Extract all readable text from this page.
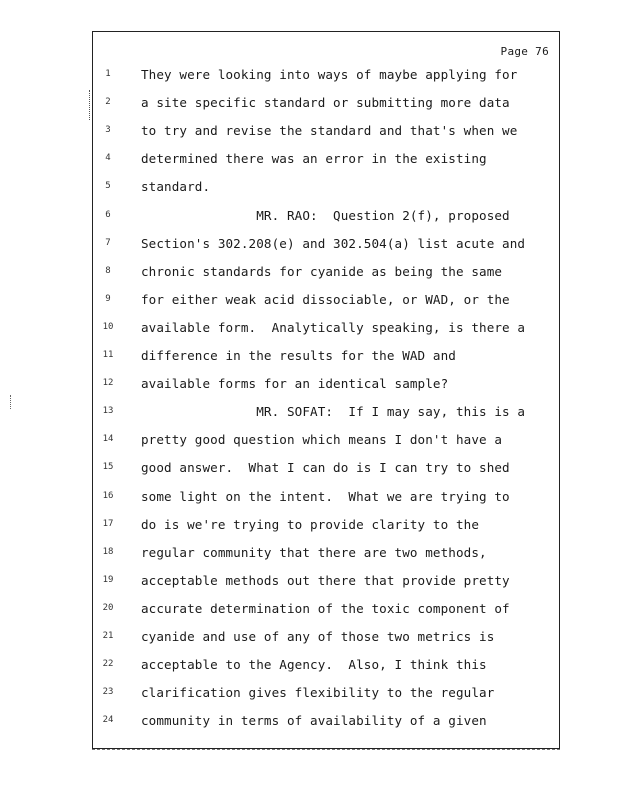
Page 76
1	They were looking into ways of maybe applying for
2	a site specific standard or submitting more data
3	to try and revise the standard and that's when we
4	determined there was an error in the existing
5	standard.
6	MR. RAO:  Question 2(f), proposed
7	Section's 302.208(e) and 302.504(a) list acute and
8	chronic standards for cyanide as being the same
9	for either weak acid dissociable, or WAD, or the
10	available form.  Analytically speaking, is there a
11	difference in the results for the WAD and
12	available forms for an identical sample?
13	MR. SOFAT:  If I may say, this is a
14	pretty good question which means I don't have a
15	good answer.  What I can do is I can try to shed
16	some light on the intent.  What we are trying to
17	do is we're trying to provide clarity to the
18	regular community that there are two methods,
19	acceptable methods out there that provide pretty
20	accurate determination of the toxic component of
21	cyanide and use of any of those two metrics is
22	acceptable to the Agency.  Also, I think this
23	clarification gives flexibility to the regular
24	community in terms of availability of a given
